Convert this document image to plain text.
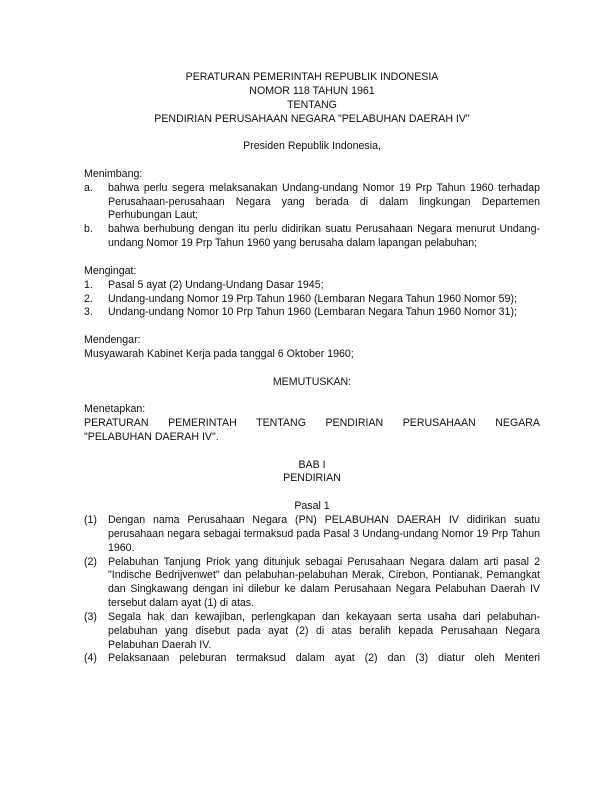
PERATURAN PEMERINTAH REPUBLIK INDONESIA
NOMOR 118 TAHUN 1961
TENTANG
PENDIRIAN PERUSAHAAN NEGARA "PELABUHAN DAERAH IV"
Presiden Republik Indonesia,
Menimbang:
a.	bahwa perlu segera melaksanakan Undang-undang Nomor 19 Prp Tahun 1960 terhadap Perusahaan-perusahaan Negara yang berada di dalam lingkungan Departemen Perhubungan Laut;
b.	bahwa berhubung dengan itu perlu didirikan suatu Perusahaan Negara menurut Undang-undang Nomor 19 Prp Tahun 1960 yang berusaha dalam lapangan pelabuhan;
Mengingat:
1.	Pasal 5 ayat (2) Undang-Undang Dasar 1945;
2.	Undang-undang Nomor 19 Prp Tahun 1960 (Lembaran Negara Tahun 1960 Nomor 59);
3.	Undang-undang Nomor 10 Prp Tahun 1960 (Lembaran Negara Tahun 1960 Nomor 31);
Mendengar:
Musyawarah Kabinet Kerja pada tanggal 6 Oktober 1960;
MEMUTUSKAN:
Menetapkan:
PERATURAN PEMERINTAH TENTANG PENDIRIAN PERUSAHAAN NEGARA
"PELABUHAN DAERAH IV".
BAB I
PENDIRIAN
Pasal 1
(1)	Dengan nama Perusahaan Negara (PN) PELABUHAN DAERAH IV didirikan suatu perusahaan negara sebagai termaksud pada Pasal 3 Undang-undang Nomor 19 Prp Tahun 1960.
(2)	Pelabuhan Tanjung Priok yang ditunjuk sebagai Perusahaan Negara dalam arti pasal 2 "Indische Bedrijvenwet" dan pelabuhan-pelabuhan Merak, Cirebon, Pontianak, Pemangkat dan Singkawang dengan ini dilebur ke dalam Perusahaan Negara Pelabuhan Daerah IV tersebut dalam ayat (1) di atas.
(3)	Segala hak dan kewajiban, perlengkapan dan kekayaan serta usaha dari pelabuhan-pelabuhan yang disebut pada ayat (2) di atas beralih kepada Perusahaan Negara Pelabuhan Daerah IV.
(4)	Pelaksanaan peleburan termaksud dalam ayat (2) dan (3) diatur oleh Menteri
